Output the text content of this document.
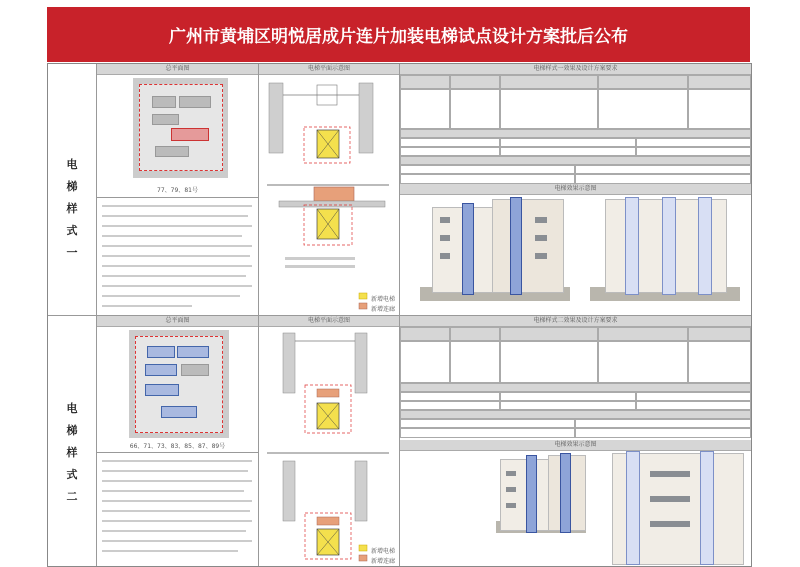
广州市黄埔区明悦居成片连片加装电梯试点设计方案批后公布
电梯样式一
总平面图
77、79、81号
电梯平面示意图
新增电梯
新增连廊
电梯样式一效果及设计方案要求
电梯效果示意图
电梯样式二
总平面图
66、71、73、83、85、87、89号
电梯平面示意图
新增电梯
新增连廊
电梯样式二效果及设计方案要求
电梯效果示意图
